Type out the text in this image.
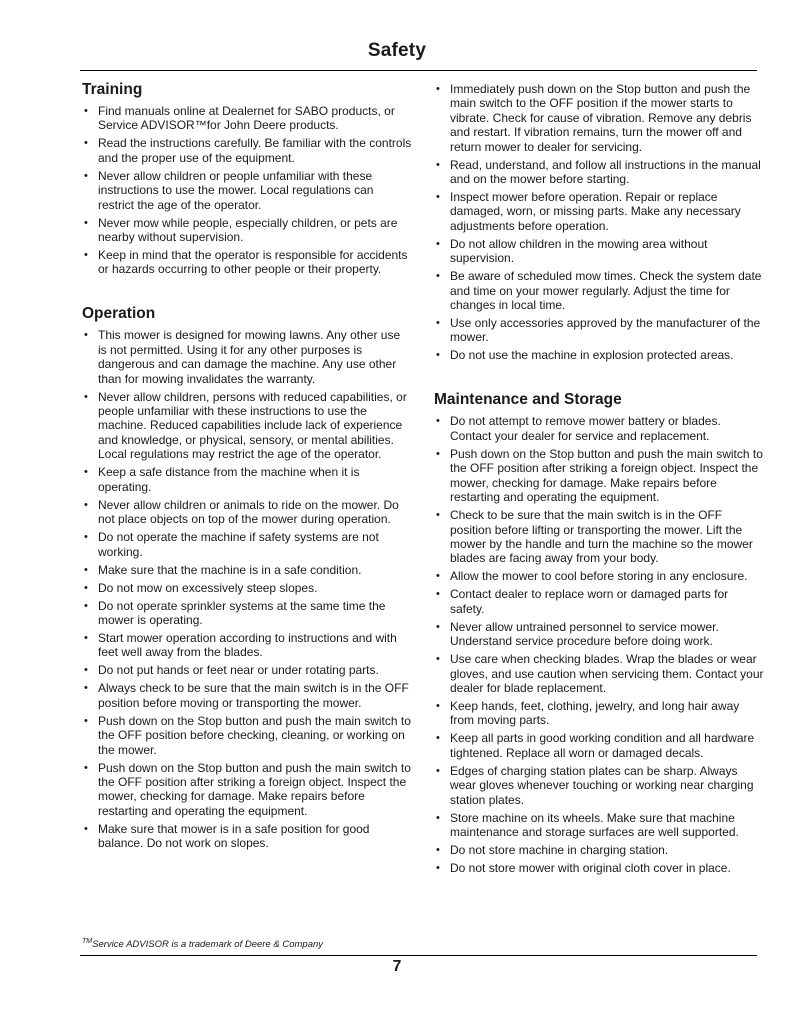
Safety
Training
• Find manuals online at Dealernet for SABO products, or Service ADVISOR™for John Deere products.
• Read the instructions carefully. Be familiar with the controls and the proper use of the equipment.
• Never allow children or people unfamiliar with these instructions to use the mower. Local regulations can restrict the age of the operator.
• Never mow while people, especially children, or pets are nearby without supervision.
• Keep in mind that the operator is responsible for accidents or hazards occurring to other people or their property.
Operation
• This mower is designed for mowing lawns. Any other use is not permitted. Using it for any other purposes is dangerous and can damage the machine. Any use other than for mowing invalidates the warranty.
• Never allow children, persons with reduced capabilities, or people unfamiliar with these instructions to use the machine. Reduced capabilities include lack of experience and knowledge, or physical, sensory, or mental abilities. Local regulations may restrict the age of the operator.
• Keep a safe distance from the machine when it is operating.
• Never allow children or animals to ride on the mower. Do not place objects on top of the mower during operation.
• Do not operate the machine if safety systems are not working.
• Make sure that the machine is in a safe condition.
• Do not mow on excessively steep slopes.
• Do not operate sprinkler systems at the same time the mower is operating.
• Start mower operation according to instructions and with feet well away from the blades.
• Do not put hands or feet near or under rotating parts.
• Always check to be sure that the main switch is in the OFF position before moving or transporting the mower.
• Push down on the Stop button and push the main switch to the OFF position before checking, cleaning, or working on the mower.
• Push down on the Stop button and push the main switch to the OFF position after striking a foreign object. Inspect the mower, checking for damage. Make repairs before restarting and operating the equipment.
• Make sure that mower is in a safe position for good balance. Do not work on slopes.
• Immediately push down on the Stop button and push the main switch to the OFF position if the mower starts to vibrate. Check for cause of vibration. Remove any debris and restart. If vibration remains, turn the mower off and return mower to dealer for servicing.
• Read, understand, and follow all instructions in the manual and on the mower before starting.
• Inspect mower before operation. Repair or replace damaged, worn, or missing parts. Make any necessary adjustments before operation.
• Do not allow children in the mowing area without supervision.
• Be aware of scheduled mow times. Check the system date and time on your mower regularly. Adjust the time for changes in local time.
• Use only accessories approved by the manufacturer of the mower.
• Do not use the machine in explosion protected areas.
Maintenance and Storage
• Do not attempt to remove mower battery or blades. Contact your dealer for service and replacement.
• Push down on the Stop button and push the main switch to the OFF position after striking a foreign object. Inspect the mower, checking for damage. Make repairs before restarting and operating the equipment.
• Check to be sure that the main switch is in the OFF position before lifting or transporting the mower. Lift the mower by the handle and turn the machine so the mower blades are facing away from your body.
• Allow the mower to cool before storing in any enclosure.
• Contact dealer to replace worn or damaged parts for safety.
• Never allow untrained personnel to service mower. Understand service procedure before doing work.
• Use care when checking blades. Wrap the blades or wear gloves, and use caution when servicing them. Contact your dealer for blade replacement.
• Keep hands, feet, clothing, jewelry, and long hair away from moving parts.
• Keep all parts in good working condition and all hardware tightened. Replace all worn or damaged decals.
• Edges of charging station plates can be sharp. Always wear gloves whenever touching or working near charging station plates.
• Store machine on its wheels. Make sure that machine maintenance and storage surfaces are well supported.
• Do not store machine in charging station.
• Do not store mower with original cloth cover in place.
™Service ADVISOR is a trademark of Deere & Company
7
